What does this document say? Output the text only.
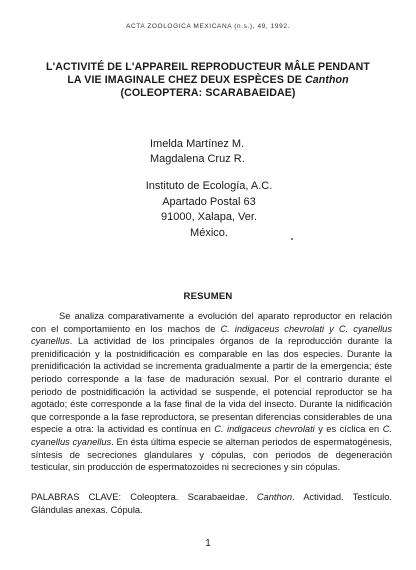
ACTA ZOOLOGICA MEXICANA (n.s.), 49, 1992.
L'ACTIVITÉ DE L'APPAREIL REPRODUCTEUR MÂLE PENDANT
LA VIE IMAGINALE CHEZ DEUX ESPÈCES DE Canthon
(COLEOPTERA: SCARABAEIDAE)
Imelda Martínez M.
Magdalena Cruz R.
Instituto de Ecología, A.C.
Apartado Postal 63
91000, Xalapa, Ver.
México.
RESUMEN

Se analiza comparativamente a evolución del aparato reproductor en relación con el comportamiento en los machos de C. indigaceus chevrolati y C. cyanellus cyanellus. La actividad de los principales órganos de la reproducción durante la prenidificación y la postnidificación es comparable en las dos especies. Durante la prenidificación la actividad se incrementa gradualmente a partir de la emergencia; éste periodo corresponde a la fase de maduración sexual. Por el contrario durante el periodo de postnidificación la actividad se suspende, el potencial reproductor se ha agotado; éste corresponde a la fase final de la vida del insecto. Durante la nidificación que corresponde a la fase reproductora, se presentan diferencias considerables de una especie a otra: la actividad es contínua en C. indigaceus chevrolati y es cíclica en C. cyanellus cyanellus. En ésta última especie se alternan periodos de espermatogénesis, síntesis de secreciones glandulares y cópulas, con periodos de degeneración testicular, sin producción de espermatozoides ni secreciones y sin cópulas.

PALABRAS CLAVE: Coleoptera. Scarabaeidae. Canthon. Actividad. Testículo. Glándulas anexas. Cópula.

1
